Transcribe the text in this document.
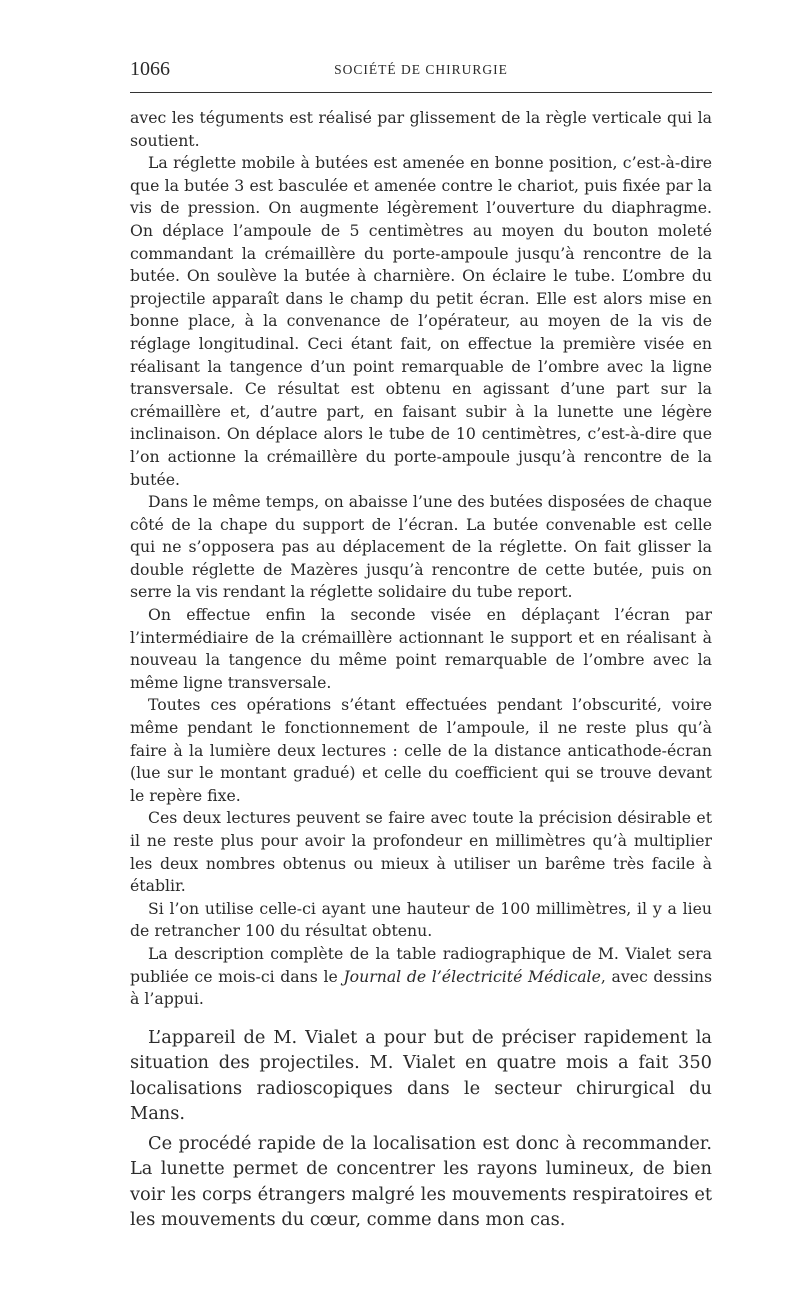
1066	SOCIÉTÉ DE CHIRURGIE

avec les téguments est réalisé par glissement de la règle verticale qui la soutient.

La réglette mobile à butées est amenée en bonne position, c’est-à-dire que la butée 3 est basculée et amenée contre le chariot, puis fixée par la vis de pression. On augmente légèrement l’ouverture du diaphragme. On déplace l’ampoule de 5 centimètres au moyen du bouton moleté commandant la crémaillère du porte-ampoule jusqu’à rencontre de la butée. On soulève la butée à charnière. On éclaire le tube. L’ombre du projectile apparaît dans le champ du petit écran. Elle est alors mise en bonne place, à la convenance de l’opérateur, au moyen de la vis de réglage longitudinal. Ceci étant fait, on effectue la première visée en réalisant la tangence d’un point remarquable de l’ombre avec la ligne transversale. Ce résultat est obtenu en agissant d’une part sur la crémaillère et, d’autre part, en faisant subir à la lunette une légère inclinaison. On déplace alors le tube de 10 centimètres, c’est-à-dire que l’on actionne la crémaillère du porte-ampoule jusqu’à rencontre de la butée.

Dans le même temps, on abaisse l’une des butées disposées de chaque côté de la chape du support de l’écran. La butée convenable est celle qui ne s’opposera pas au déplacement de la réglette. On fait glisser la double réglette de Mazères jusqu’à rencontre de cette butée, puis on serre la vis rendant la réglette solidaire du tube report.

On effectue enfin la seconde visée en déplaçant l’écran par l’intermédiaire de la crémaillère actionnant le support et en réalisant à nouveau la tangence du même point remarquable de l’ombre avec la même ligne transversale.

Toutes ces opérations s’étant effectuées pendant l’obscurité, voire même pendant le fonctionnement de l’ampoule, il ne reste plus qu’à faire à la lumière deux lectures : celle de la distance anticathode-écran (lue sur le montant gradué) et celle du coefficient qui se trouve devant le repère fixe.

Ces deux lectures peuvent se faire avec toute la précision désirable et il ne reste plus pour avoir la profondeur en millimètres qu’à multiplier les deux nombres obtenus ou mieux à utiliser un barême très facile à établir.

Si l’on utilise celle-ci ayant une hauteur de 100 millimètres, il y a lieu de retrancher 100 du résultat obtenu.

La description complète de la table radiographique de M. Vialet sera publiée ce mois-ci dans le Journal de l’électricité Médicale, avec dessins à l’appui.

L’appareil de M. Vialet a pour but de préciser rapidement la situation des projectiles. M. Vialet en quatre mois a fait 350 localisations radioscopiques dans le secteur chirurgical du Mans.

Ce procédé rapide de la localisation est donc à recommander. La lunette permet de concentrer les rayons lumineux, de bien voir les corps étrangers malgré les mouvements respiratoires et les mouvements du cœur, comme dans mon cas.
